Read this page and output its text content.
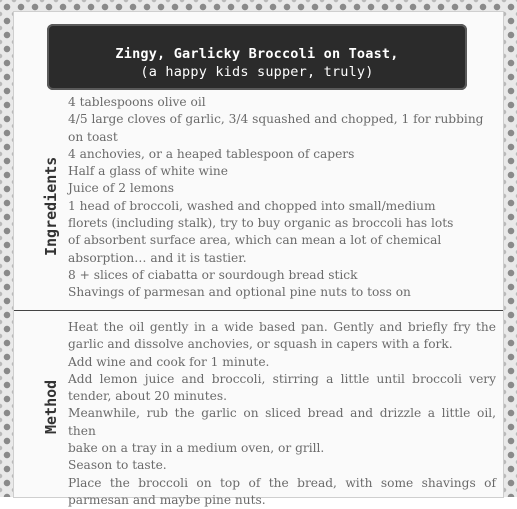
Zingy, Garlicky Broccoli on Toast,
(a happy kids supper, truly)
Ingredients
4 tablespoons olive oil
4/5 large cloves of garlic, 3/4 squashed and chopped, 1 for rubbing
on toast
4 anchovies, or a heaped tablespoon of capers
Half a glass of white wine
Juice of 2 lemons
1 head of broccoli, washed and chopped into small/medium
florets (including stalk), try to buy organic as broccoli has lots
of absorbent surface area, which can mean a lot of chemical
absorption… and it is tastier.
8 + slices of ciabatta or sourdough bread stick
Shavings of parmesan and optional pine nuts to toss on
Method
Heat the oil gently in a wide based pan. Gently and briefly fry the
garlic and dissolve anchovies, or squash in capers with a fork.
Add wine and cook for 1 minute.
Add lemon juice and broccoli, stirring a little until broccoli very
tender, about 20 minutes.
Meanwhile, rub the garlic on sliced bread and drizzle a little oil, then
bake on a tray in a medium oven, or grill.
Season to taste.
Place the broccoli on top of the bread, with some shavings of
parmesan and maybe pine nuts.
